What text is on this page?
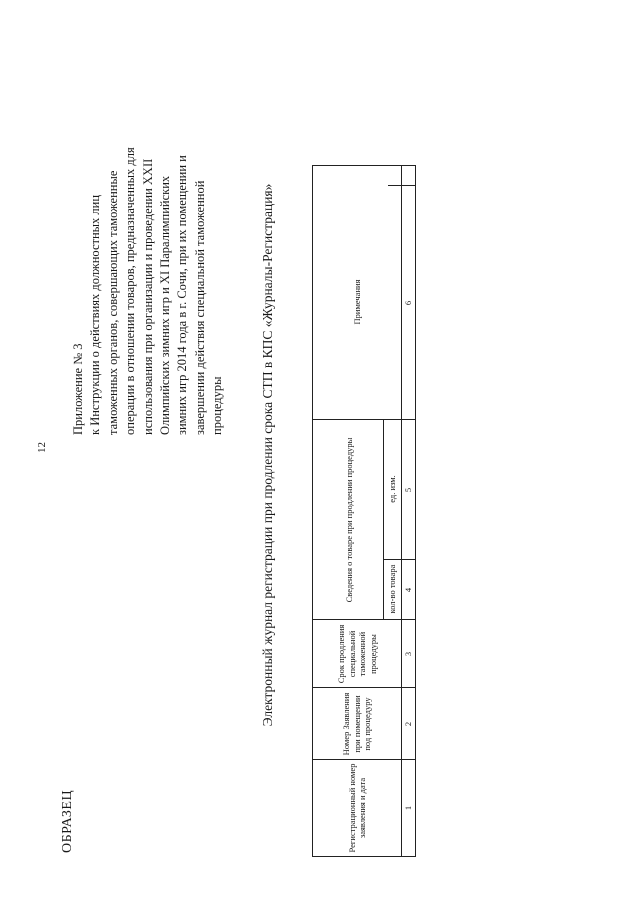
ОБРАЗЕЦ
12
Приложение № 3 к Инструкции о действиях должностных лиц таможенных органов, совершающих таможенные операции в отношении товаров, предназначенных для использования при организации и проведении XXII Олимпийских зимних игр и XI Паралимпийских зимних игр 2014 года в г. Сочи, при их помещении и завершении действия специальной таможенной процедуры	Электронный журнал регистрации при продлении срока СТП в КПС «Журналы-Регистрация»
Регистрационный номер заявления и дата
Номер Заявления при помещении под процедуру
Срок продления специальной таможенной процедуры
Сведения о товаре при продлении процедуры	кол-во товара
ед. изм.
Примечания
1
2
3
4
5
6
